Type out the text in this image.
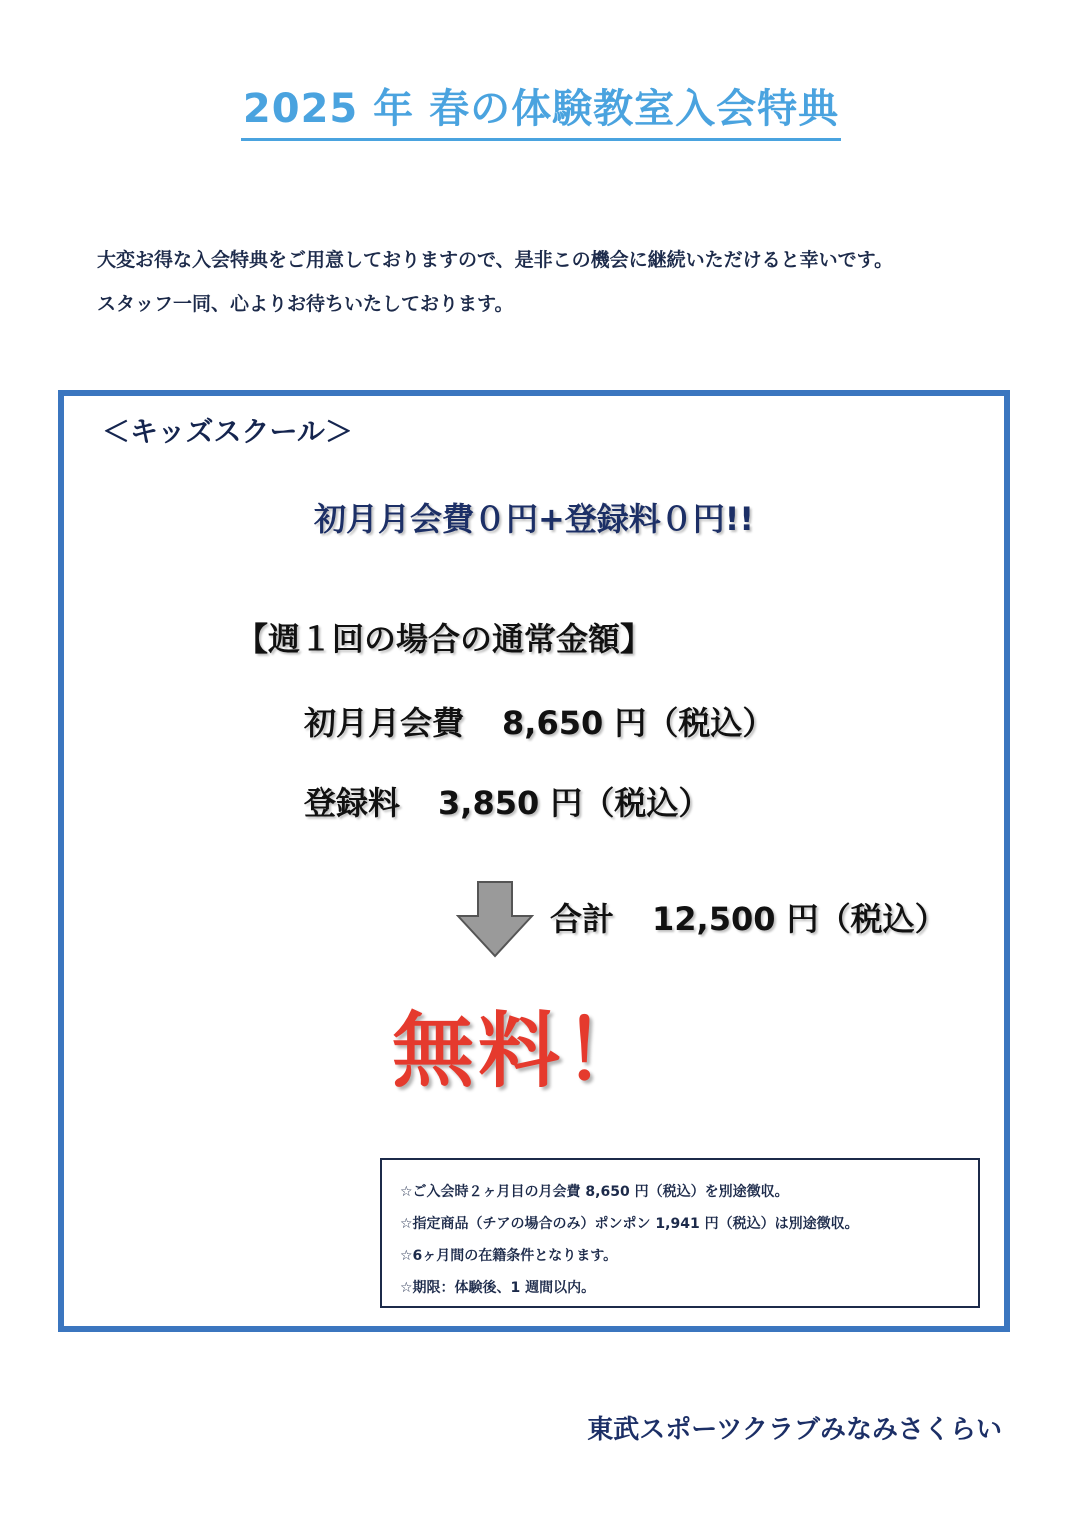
2025 年 春の体験教室入会特典

大変お得な入会特典をご用意しておりますので、是非この機会に継続いただけると幸いです。

スタッフ一同、心よりお待ちいたしております。

＜キッズスクール＞
初月月会費０円+登録料０円!!
【週１回の場合の通常金額】
初月月会費 8,650 円（税込）
登録料 3,850 円（税込）
合計 12,500 円（税込）
無料！
☆ご入会時２ヶ月目の月会費 8,650 円（税込）を別途徴収。
☆指定商品（チアの場合のみ）ポンポン 1,941 円（税込）は別途徴収。
☆6ヶ月間の在籍条件となります。
☆期限：体験後、1 週間以内。
東武スポーツクラブみなみさくらい
